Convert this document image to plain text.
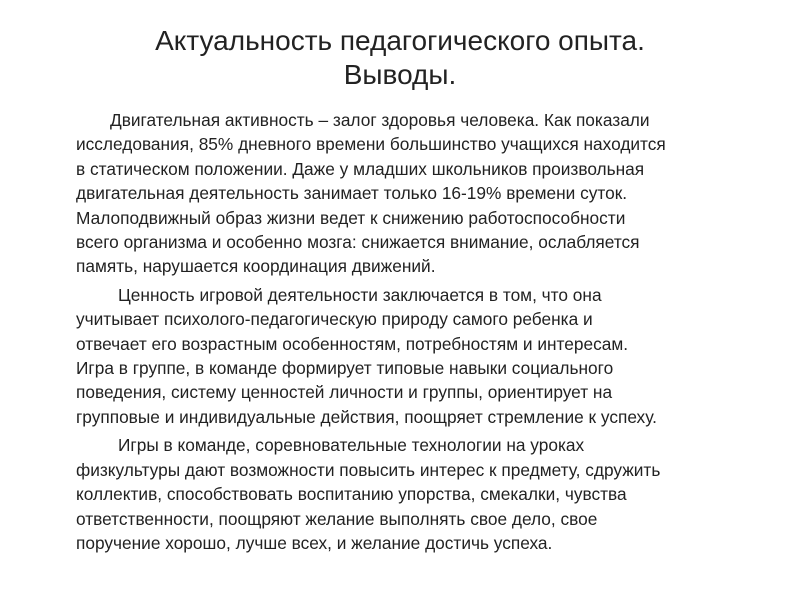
Актуальность педагогического опыта.
Выводы.
Двигательная активность – залог здоровья человека. Как показали
исследования, 85% дневного времени большинство учащихся находится
в статическом положении. Даже у младших школьников произвольная
двигательная деятельность занимает только 16-19% времени суток.
Малоподвижный образ жизни ведет к снижению работоспособности
всего организма и особенно мозга: снижается внимание, ослабляется
память, нарушается координация движений.
Ценность игровой деятельности заключается в том, что она
учитывает психолого-педагогическую природу самого ребенка и
отвечает его возрастным особенностям, потребностям и интересам.
Игра в группе, в команде формирует типовые навыки социального
поведения, систему ценностей личности и группы, ориентирует на
групповые и индивидуальные действия, поощряет стремление к успеху.
Игры в команде, соревновательные технологии на уроках
физкультуры дают возможности повысить интерес к предмету, сдружить
коллектив, способствовать воспитанию упорства, смекалки, чувства
ответственности, поощряют желание выполнять свое дело, свое
поручение хорошо, лучше всех, и желание достичь успеха.
